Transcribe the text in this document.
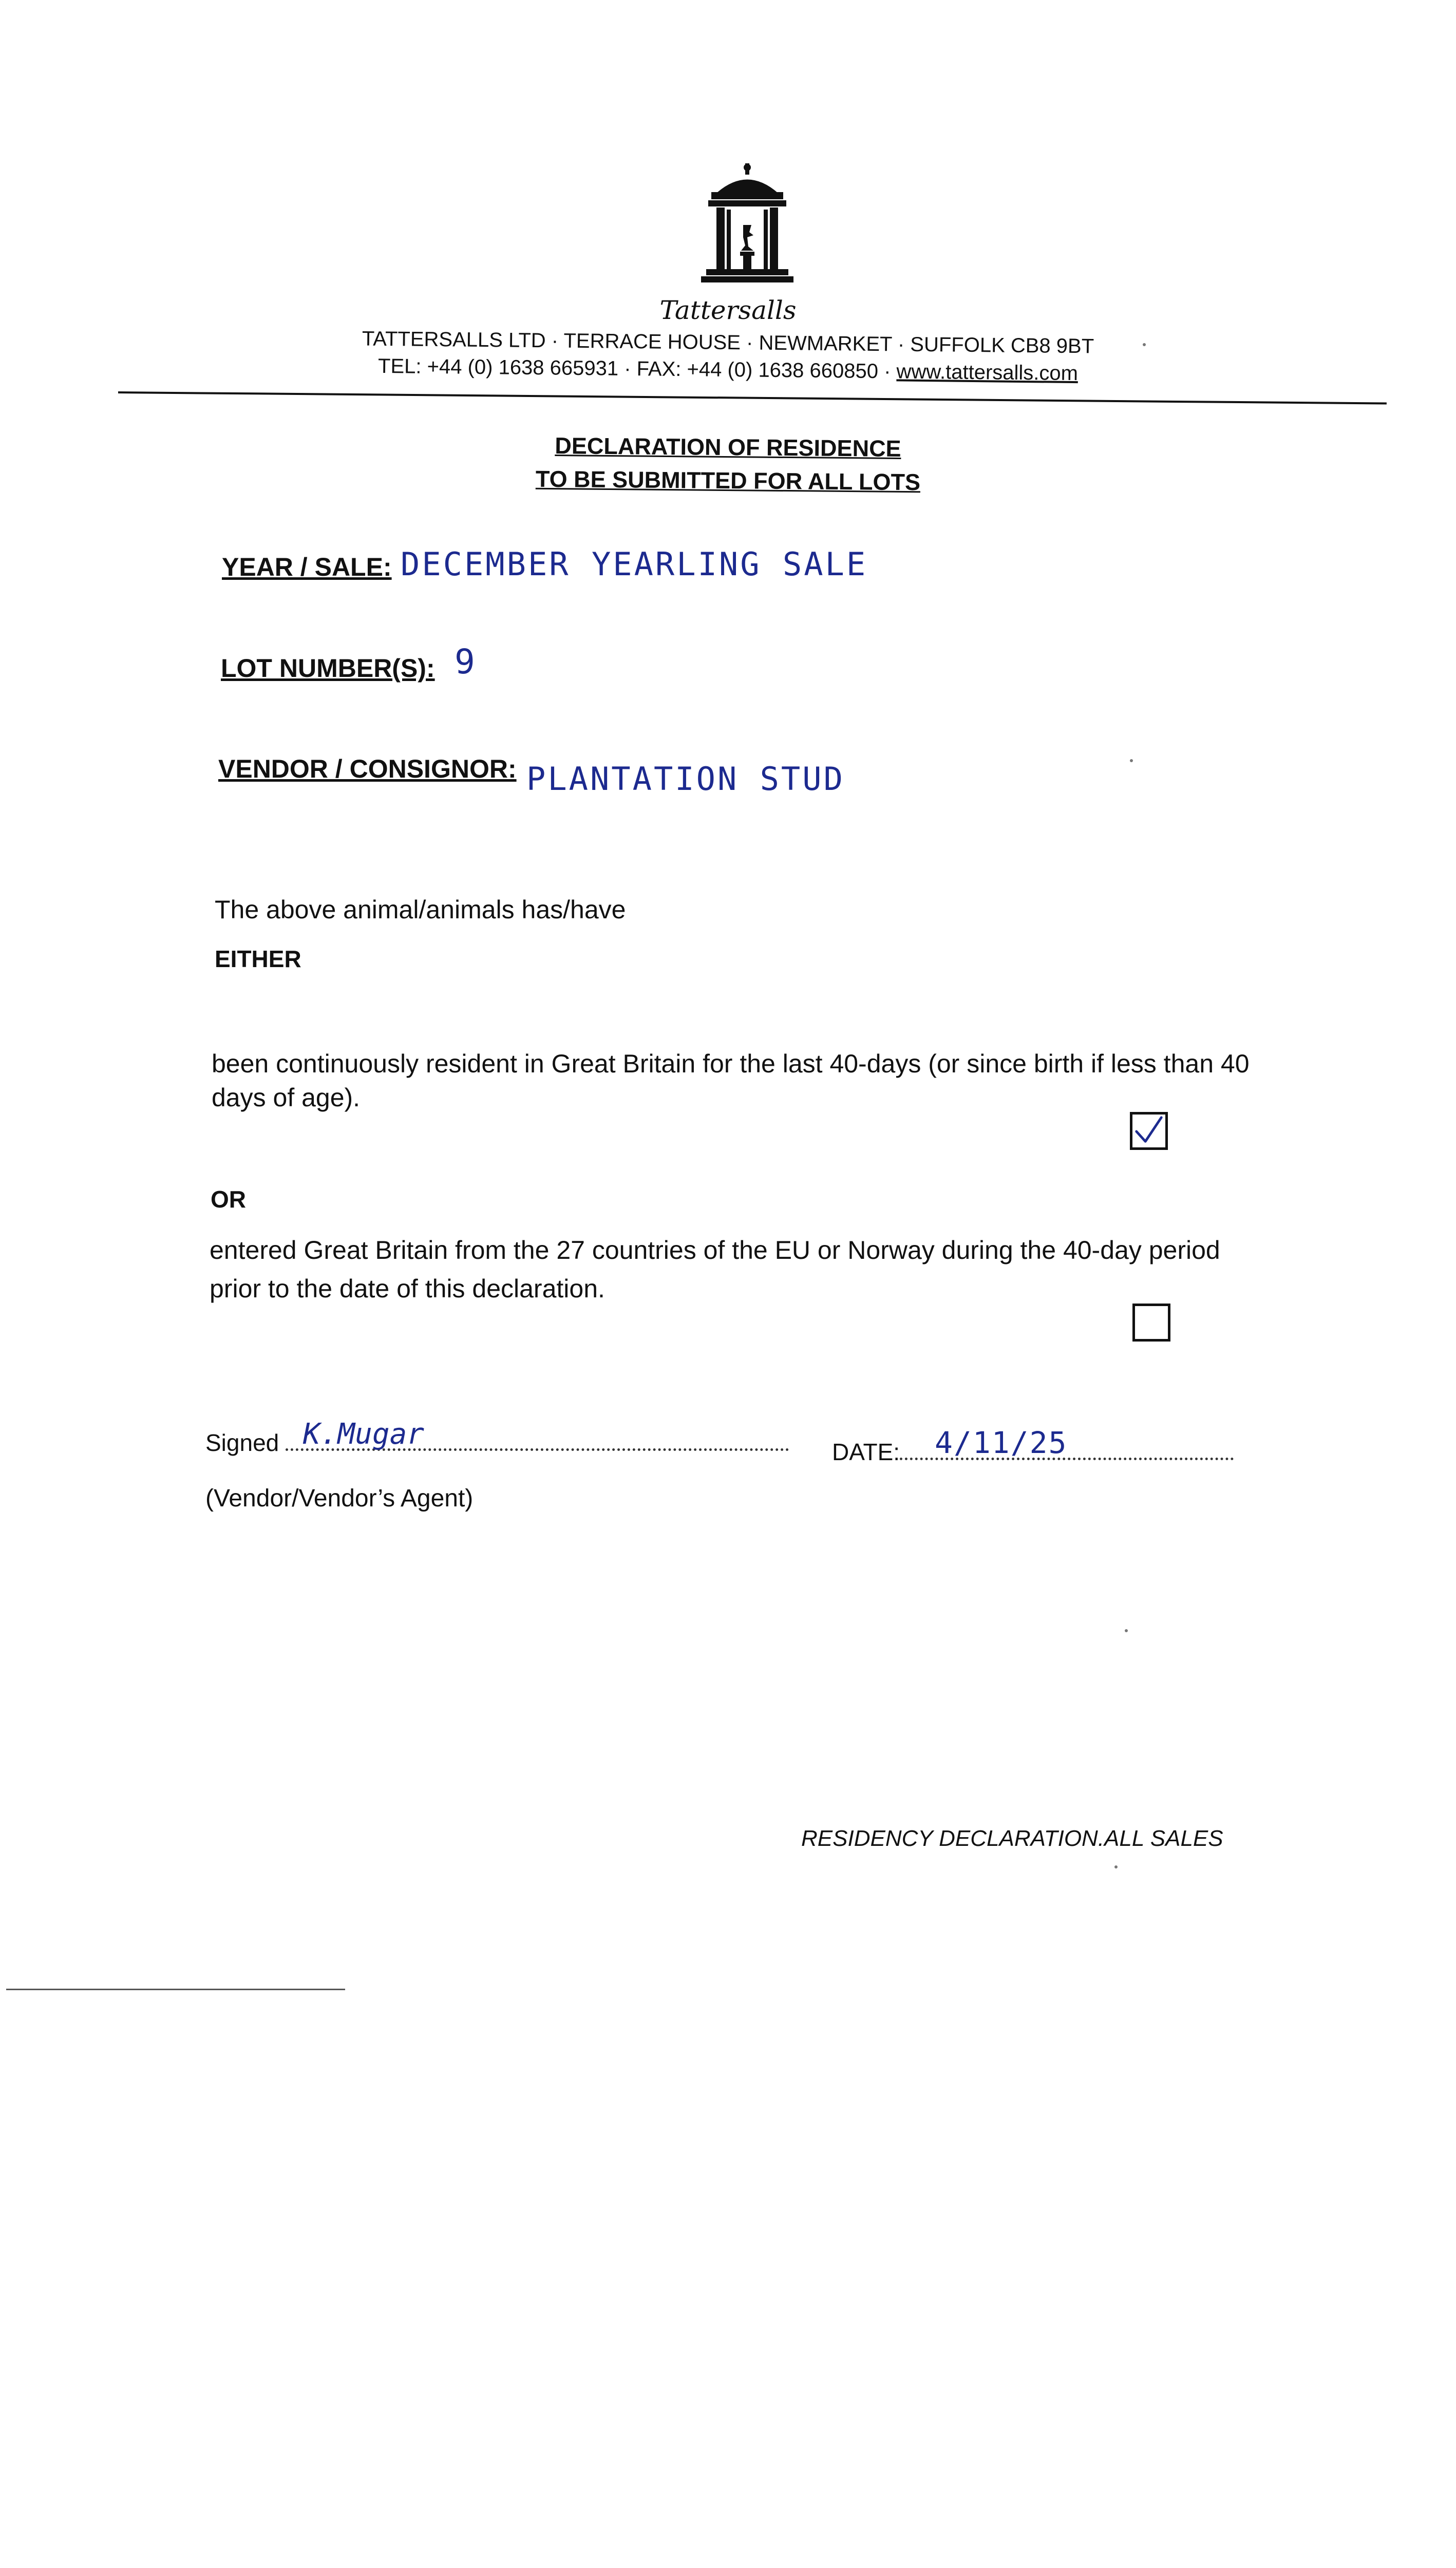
Tattersalls
TATTERSALLS LTD · TERRACE HOUSE · NEWMARKET · SUFFOLK CB8 9BT
TEL: +44 (0) 1638 665931 · FAX: +44 (0) 1638 660850 · www.tattersalls.com
DECLARATION OF RESIDENCE
TO BE SUBMITTED FOR ALL LOTS
YEAR / SALE: DECEMBER YEARLING SALE
LOT NUMBER(S): 9
VENDOR / CONSIGNOR: PLANTATION STUD
The above animal/animals has/have
EITHER
been continuously resident in Great Britain for the last 40-days (or since birth if less than 40
days of age).
OR
entered Great Britain from the 27 countries of the EU or Norway during the 40-day period
prior to the date of this declaration.
Signed K.Mugar
DATE:	4/11/25
(Vendor/Vendor’s Agent)
RESIDENCY DECLARATION.ALL SALES
